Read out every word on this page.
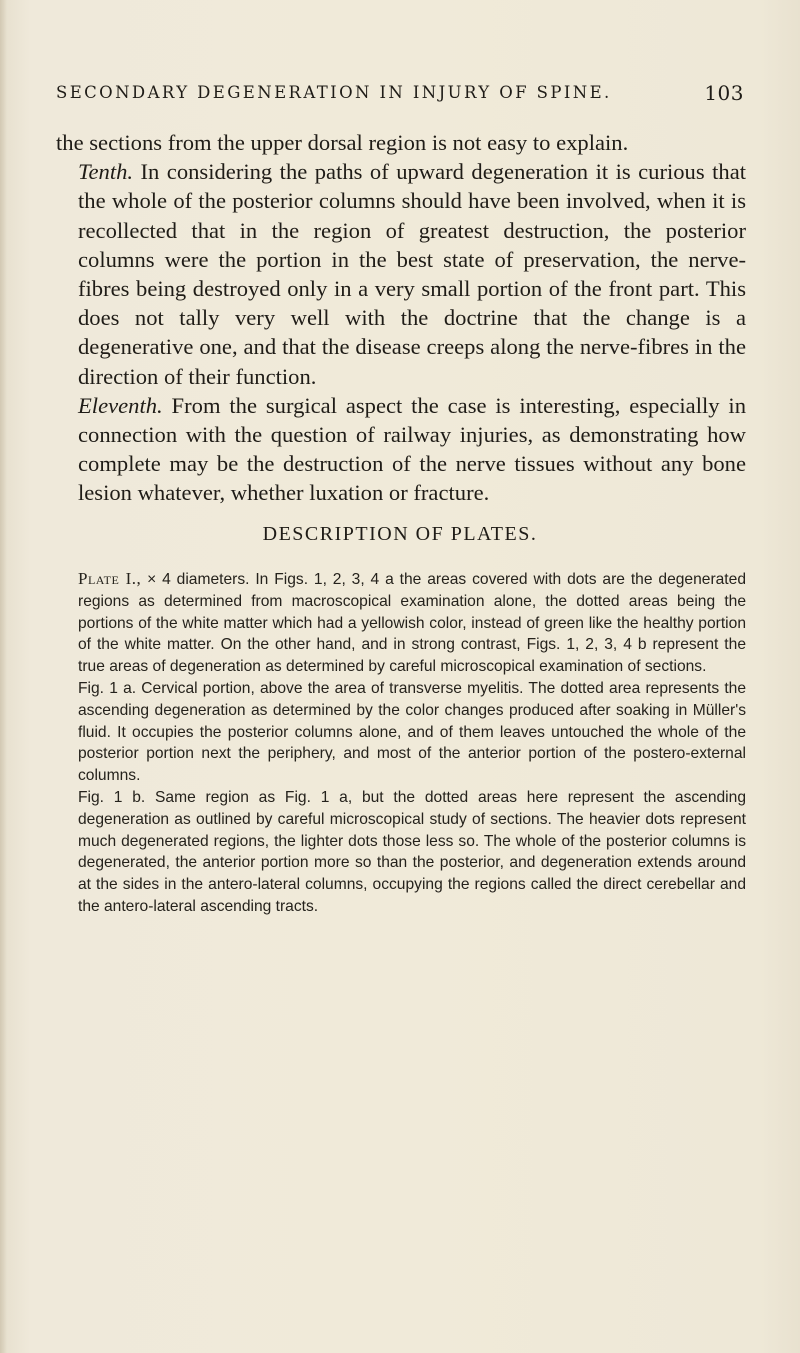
SECONDARY DEGENERATION IN INJURY OF SPINE.	103

the sections from the upper dorsal region is not easy to explain.

Tenth. In considering the paths of upward degeneration it is curious that the whole of the posterior columns should have been involved, when it is recollected that in the region of greatest destruction, the posterior columns were the portion in the best state of preservation, the nerve-fibres being destroyed only in a very small portion of the front part. This does not tally very well with the doctrine that the change is a degenerative one, and that the disease creeps along the nerve-fibres in the direction of their function.

Eleventh. From the surgical aspect the case is interesting, especially in connection with the question of railway injuries, as demonstrating how complete may be the destruction of the nerve tissues without any bone lesion whatever, whether luxation or fracture.

DESCRIPTION OF PLATES.

Plate I., × 4 diameters. In Figs. 1, 2, 3, 4 a the areas covered with dots are the degenerated regions as determined from macroscopical examination alone, the dotted areas being the portions of the white matter which had a yellowish color, instead of green like the healthy portion of the white matter. On the other hand, and in strong contrast, Figs. 1, 2, 3, 4 b represent the true areas of degeneration as determined by careful microscopical examination of sections.

Fig. 1 a. Cervical portion, above the area of transverse myelitis. The dotted area represents the ascending degeneration as determined by the color changes produced after soaking in Müller's fluid. It occupies the posterior columns alone, and of them leaves untouched the whole of the posterior portion next the periphery, and most of the anterior portion of the postero-external columns.

Fig. 1 b. Same region as Fig. 1 a, but the dotted areas here represent the ascending degeneration as outlined by careful microscopical study of sections. The heavier dots represent much degenerated regions, the lighter dots those less so. The whole of the posterior columns is degenerated, the anterior portion more so than the posterior, and degeneration extends around at the sides in the antero-lateral columns, occupying the regions called the direct cerebellar and the antero-lateral ascending tracts.
